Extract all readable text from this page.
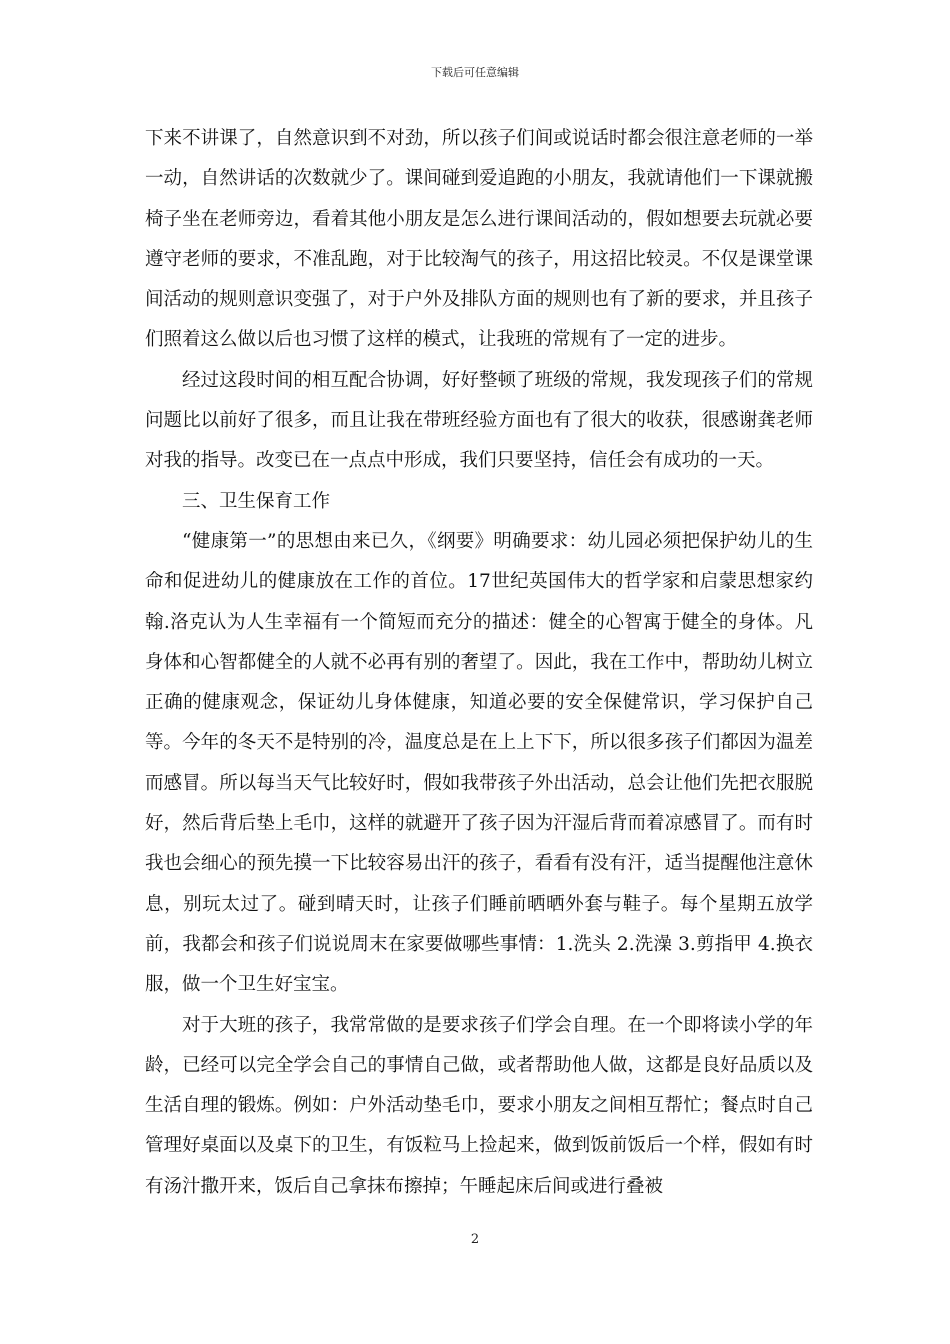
下载后可任意编辑

下来不讲课了，自然意识到不对劲，所以孩子们间或说话时都会很注意老师的一举一动，自然讲话的次数就少了。课间碰到爱追跑的小朋友，我就请他们一下课就搬椅子坐在老师旁边，看着其他小朋友是怎么进行课间活动的，假如想要去玩就必要遵守老师的要求，不准乱跑，对于比较淘气的孩子，用这招比较灵。不仅是课堂课间活动的规则意识变强了，对于户外及排队方面的规则也有了新的要求，并且孩子们照着这么做以后也习惯了这样的模式，让我班的常规有了一定的进步。

经过这段时间的相互配合协调，好好整顿了班级的常规，我发现孩子们的常规问题比以前好了很多，而且让我在带班经验方面也有了很大的收获，很感谢龚老师对我的指导。改变已在一点点中形成，我们只要坚持，信任会有成功的一天。

三、卫生保育工作

“健康第一”的思想由来已久，《纲要》明确要求：幼儿园必须把保护幼儿的生命和促进幼儿的健康放在工作的首位。17世纪英国伟大的哲学家和启蒙思想家约翰.洛克认为人生幸福有一个简短而充分的描述：健全的心智寓于健全的身体。凡身体和心智都健全的人就不必再有别的奢望了。因此，我在工作中，帮助幼儿树立正确的健康观念，保证幼儿身体健康，知道必要的安全保健常识，学习保护自己等。今年的冬天不是特别的冷，温度总是在上上下下，所以很多孩子们都因为温差而感冒。所以每当天气比较好时，假如我带孩子外出活动，总会让他们先把衣服脱好，然后背后垫上毛巾，这样的就避开了孩子因为汗湿后背而着凉感冒了。而有时我也会细心的预先摸一下比较容易出汗的孩子，看看有没有汗，适当提醒他注意休息，别玩太过了。碰到晴天时，让孩子们睡前晒晒外套与鞋子。每个星期五放学前，我都会和孩子们说说周末在家要做哪些事情：1.洗头 2.洗澡 3.剪指甲 4.换衣服，做一个卫生好宝宝。

对于大班的孩子，我常常做的是要求孩子们学会自理。在一个即将读小学的年龄，已经可以完全学会自己的事情自己做，或者帮助他人做，这都是良好品质以及生活自理的锻炼。例如：户外活动垫毛巾，要求小朋友之间相互帮忙；餐点时自己管理好桌面以及桌下的卫生，有饭粒马上捡起来，做到饭前饭后一个样，假如有时有汤汁撒开来，饭后自己拿抹布擦掉；午睡起床后间或进行叠被

2
